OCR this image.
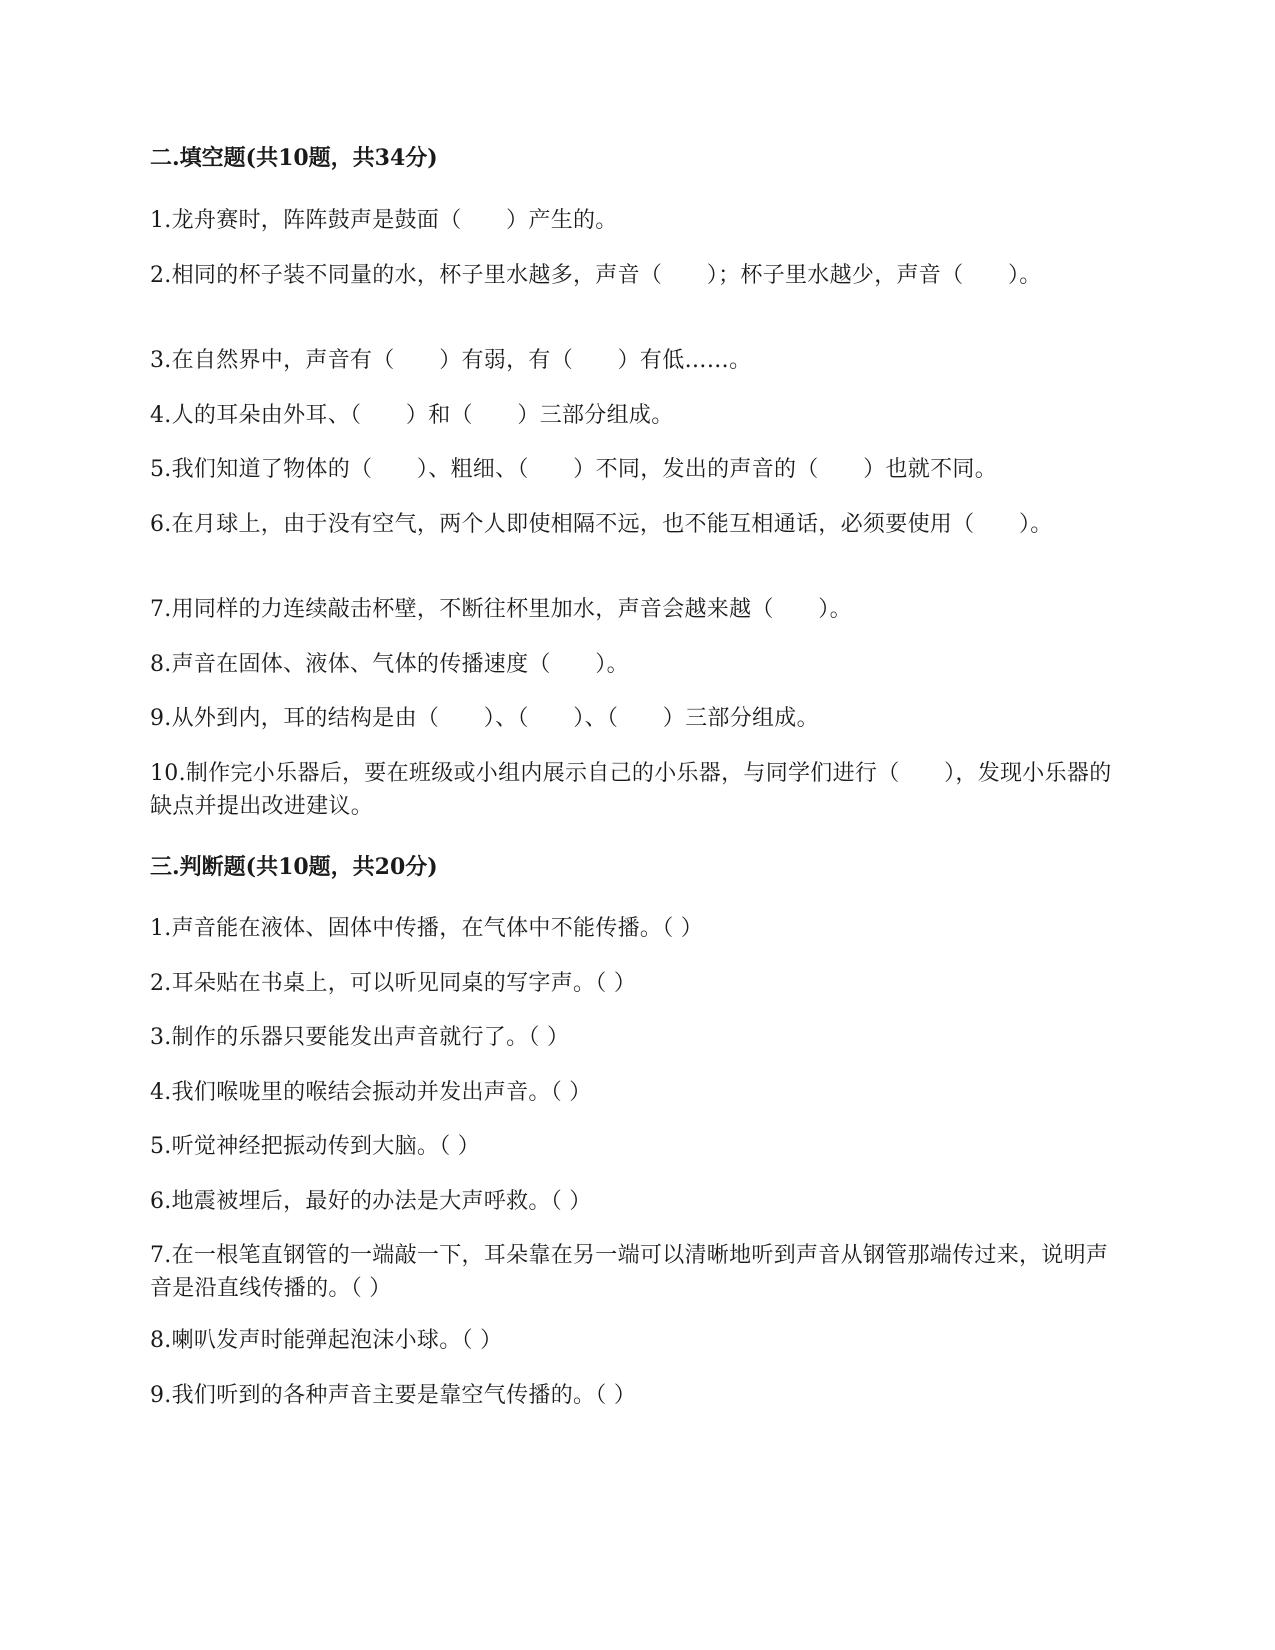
二.填空题(共10题，共34分)
1.龙舟赛时，阵阵鼓声是鼓面（　　）产生的。
2.相同的杯子装不同量的水，杯子里水越多，声音（　　）；杯子里水越少，声音（　　）。
3.在自然界中，声音有（　　）有弱，有（　　）有低……。
4.人的耳朵由外耳、（　　）和（　　）三部分组成。
5.我们知道了物体的（　　）、粗细、（　　）不同，发出的声音的（　　）也就不同。
6.在月球上，由于没有空气，两个人即使相隔不远，也不能互相通话，必须要使用（　　）。
7.用同样的力连续敲击杯壁，不断往杯里加水，声音会越来越（　　）。
8.声音在固体、液体、气体的传播速度（　　）。
9.从外到内，耳的结构是由（　　）、（　　）、（　　）三部分组成。
10.制作完小乐器后，要在班级或小组内展示自己的小乐器，与同学们进行（　　），发现小乐器的缺点并提出改进建议。
三.判断题(共10题，共20分)
1.声音能在液体、固体中传播，在气体中不能传播。（ ）
2.耳朵贴在书桌上，可以听见同桌的写字声。（ ）
3.制作的乐器只要能发出声音就行了。（ ）
4.我们喉咙里的喉结会振动并发出声音。（ ）
5.听觉神经把振动传到大脑。（ ）
6.地震被埋后，最好的办法是大声呼救。（ ）
7.在一根笔直钢管的一端敲一下，耳朵靠在另一端可以清晰地听到声音从钢管那端传过来，说明声音是沿直线传播的。（ ）
8.喇叭发声时能弹起泡沫小球。（ ）
9.我们听到的各种声音主要是靠空气传播的。（ ）
